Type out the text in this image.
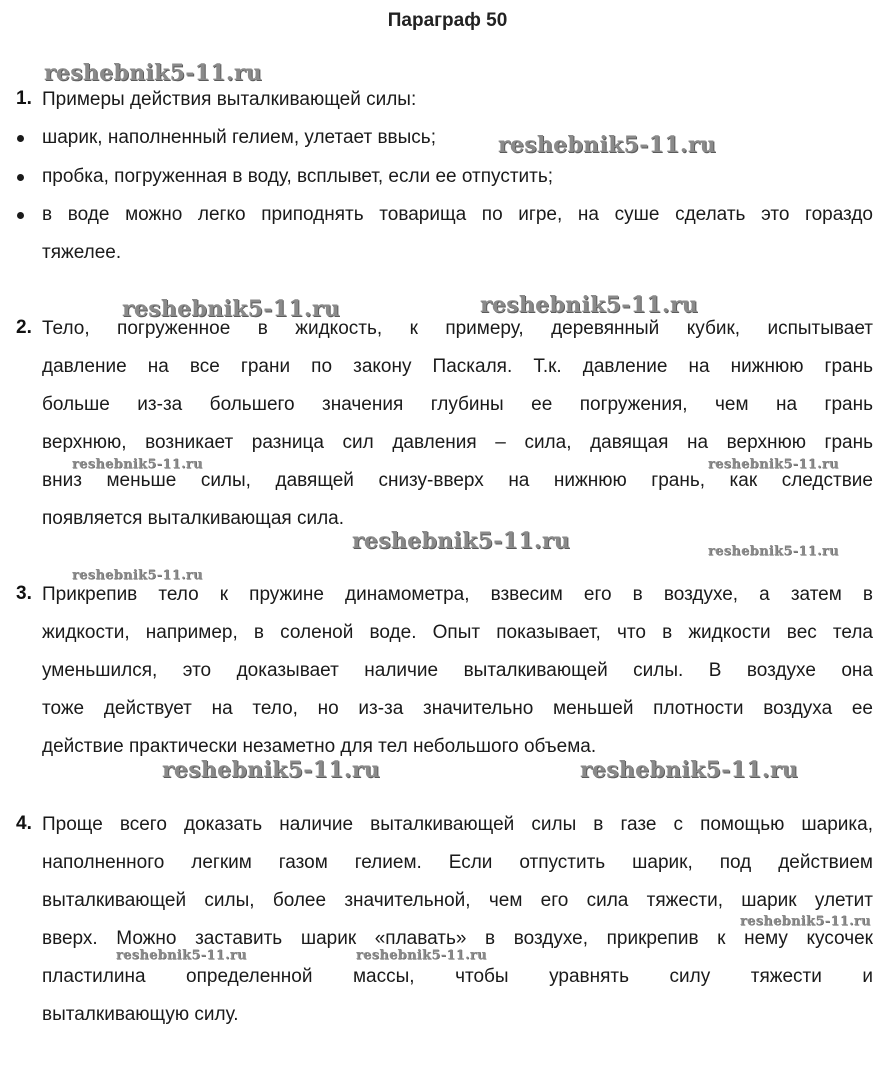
Параграф 50
1. Примеры действия выталкивающей силы:
шарик, наполненный гелием, улетает ввысь;
пробка, погруженная в воду, всплывет, если ее отпустить;
в воде можно легко приподнять товарища по игре, на суше сделать это гораздо
тяжелее.
2. Тело, погруженное в жидкость, к примеру, деревянный кубик, испытывает
давление на все грани по закону Паскаля. Т.к. давление на нижнюю грань
больше из-за большего значения глубины ее погружения, чем на грань
верхнюю, возникает разница сил давления – сила, давящая на верхнюю грань
вниз меньше силы, давящей снизу-вверх на нижнюю грань, как следствие
появляется выталкивающая сила.
3. Прикрепив тело к пружине динамометра, взвесим его в воздухе, а затем в
жидкости, например, в соленой воде. Опыт показывает, что в жидкости вес тела
уменьшился, это доказывает наличие выталкивающей силы. В воздухе она
тоже действует на тело, но из-за значительно меньшей плотности воздуха ее
действие практически незаметно для тел небольшого объема.
4. Проще всего доказать наличие выталкивающей силы в газе с помощью шарика,
наполненного легким газом гелием. Если отпустить шарик, под действием
выталкивающей силы, более значительной, чем его сила тяжести, шарик улетит
вверх. Можно заставить шарик «плавать» в воздухе, прикрепив к нему кусочек
пластилина определенной массы, чтобы уравнять силу тяжести и
выталкивающую силу.
reshebnik5-11.ru
reshebnik5-11.ru
reshebnik5-11.ru	reshebnik5-11.ru
reshebnik5-11.ru	reshebnik5-11.ru
reshebnik5-11.ru	reshebnik5-11.ru
reshebnik5-11.ru
reshebnik5-11.ru	reshebnik5-11.ru
reshebnik5-11.ru
reshebnik5-11.ru	reshebnik5-11.ru
